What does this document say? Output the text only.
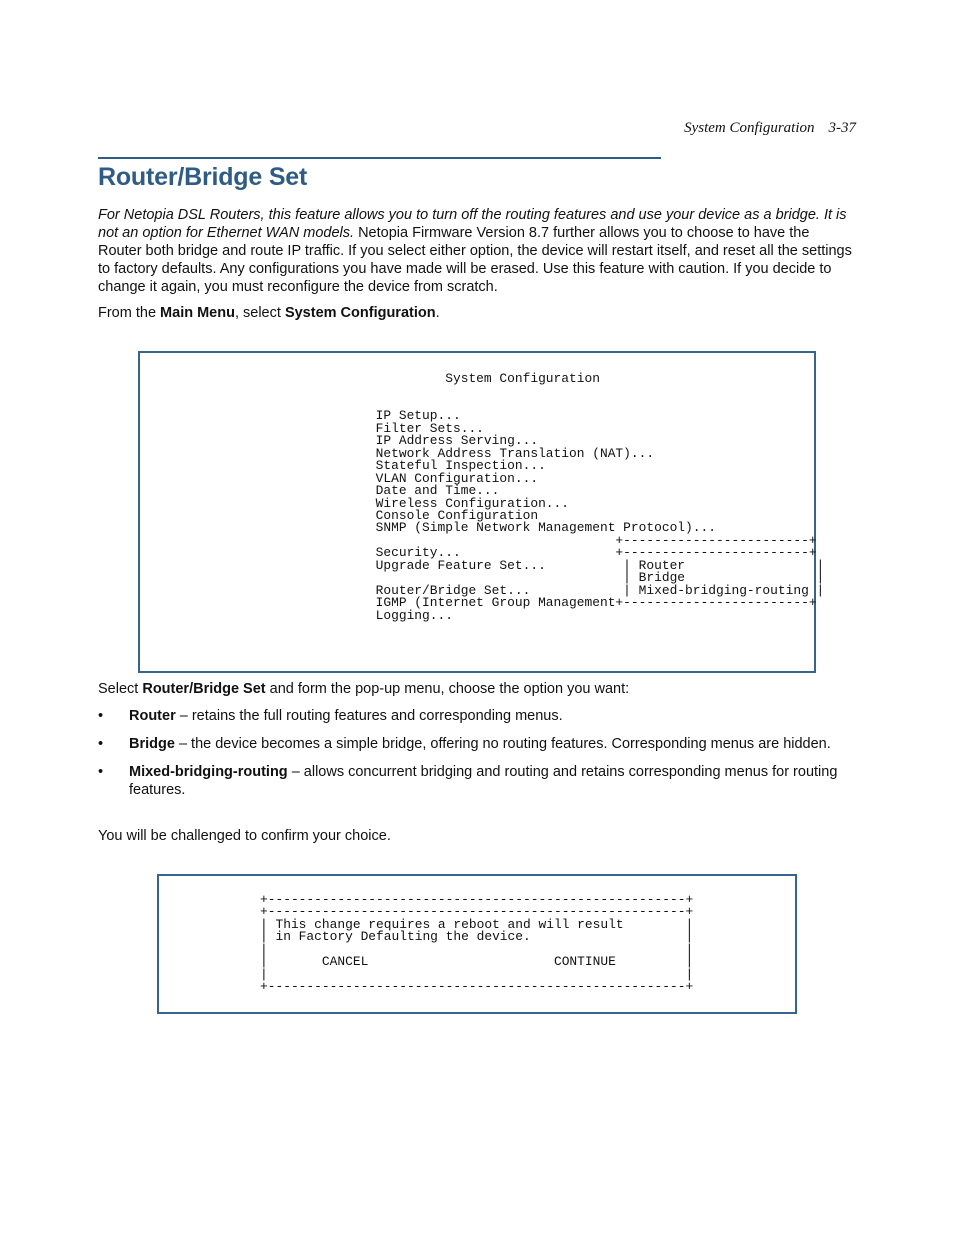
System Configuration 3-37
Router/Bridge Set
For Netopia DSL Routers, this feature allows you to turn off the routing features and use your device as a bridge. It is not an option for Ethernet WAN models. Netopia Firmware Version 8.7 further allows you to choose to have the Router both bridge and route IP traffic. If you select either option, the device will restart itself, and reset all the settings to factory defaults. Any configurations you have made will be erased. Use this feature with caution. If you decide to change it again, you must reconfigure the device from scratch.
From the Main Menu, select System Configuration.
System Configuration

IP Setup...
Filter Sets...
IP Address Serving...
Network Address Translation (NAT)...
Stateful Inspection...
VLAN Configuration...
Date and Time...
Wireless Configuration...
Console Configuration
SNMP (Simple Network Management Protocol)...
+------------------------+
Security...                    +------------------------+
Upgrade Feature Set...          | Router                 |
| Bridge                 |
Router/Bridge Set...            | Mixed-bridging-routing |
IGMP (Internet Group Management+------------------------+
Logging...
Select Router/Bridge Set and form the pop-up menu, choose the option you want:
• Router – retains the full routing features and corresponding menus.
• Bridge – the device becomes a simple bridge, offering no routing features. Corresponding menus are hidden.
• Mixed-bridging-routing – allows concurrent bridging and routing and retains corresponding menus for routing features.
You will be challenged to confirm your choice.
+------------------------------------------------------+
+------------------------------------------------------+
| This change requires a reboot and will result        |
| in Factory Defaulting the device.                    |
|                                                      |
|       CANCEL                        CONTINUE         |
|                                                      |
+------------------------------------------------------+
